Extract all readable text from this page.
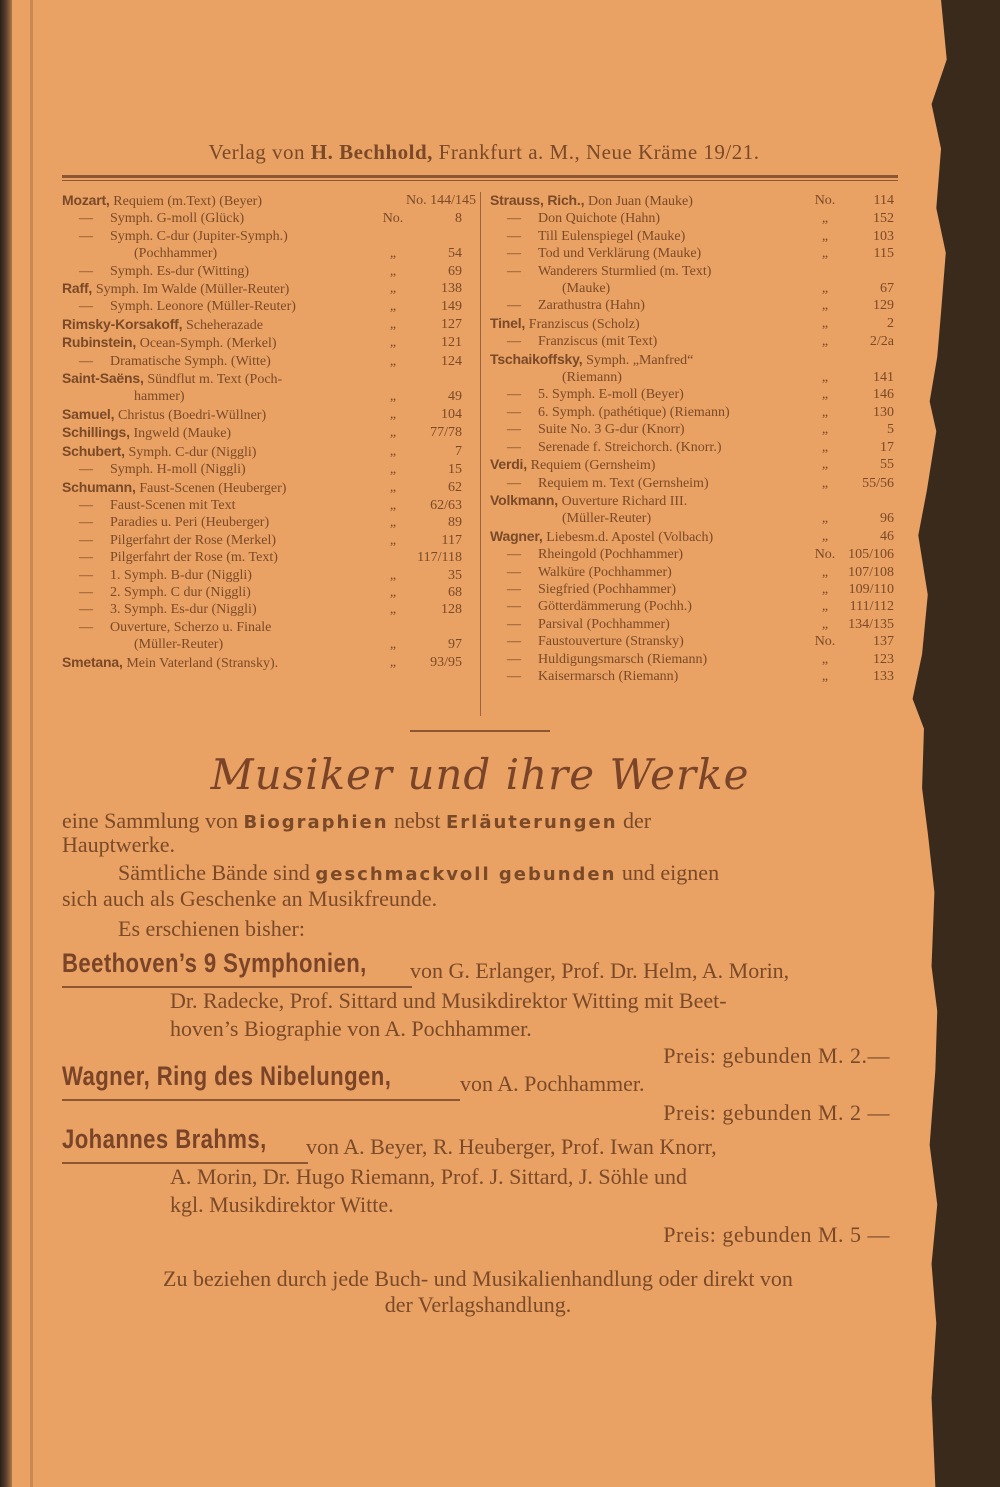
Verlag von H. Bechhold, Frankfurt a. M., Neue Kräme 19/21.
Mozart, Requiem (m.Text) (Beyer)	No. 144/145
— Symph. G-moll (Glück)	No.	8
— Symph. C-dur (Jupiter-Symph.)
(Pochhammer)	„	54
— Symph. Es-dur (Witting)	„	69
Raff, Symph. Im Walde (Müller-Reuter)	„	138
— Symph. Leonore (Müller-Reuter)	„	149
Rimsky-Korsakoff, Scheherazade	„	127
Rubinstein, Ocean-Symph. (Merkel)	„	121
— Dramatische Symph. (Witte)	„	124
Saint-Saëns, Sündflut m. Text (Poch-
hammer)	„	49
Samuel, Christus (Boedri-Wüllner)	„	104
Schillings, Ingweld (Mauke)	„	77/78
Schubert, Symph. C-dur (Niggli)	„	7
— Symph. H-moll (Niggli)	„	15
Schumann, Faust-Scenen (Heuberger)	„	62
— Faust-Scenen mit Text	„	62/63
— Paradies u. Peri (Heuberger)	„	89
— Pilgerfahrt der Rose (Merkel)	„	117
— Pilgerfahrt der Rose (m. Text)	117/118
— 1. Symph. B-dur (Niggli)	„	35
— 2. Symph. C dur (Niggli)	„	68
— 3. Symph. Es-dur (Niggli)	„	128
— Ouverture, Scherzo u. Finale
(Müller-Reuter)	„	97
Smetana, Mein Vaterland (Stransky).	„	93/95
Strauss, Rich., Don Juan (Mauke)	No.	114
— Don Quichote (Hahn)	„	152
— Till Eulenspiegel (Mauke)	„	103
— Tod und Verklärung (Mauke)	„	115
— Wanderers Sturmlied (m. Text)
(Mauke)	„	67
— Zarathustra (Hahn)	„	129
Tinel, Franziscus (Scholz)	„	2
— Franziscus (mit Text)	„	2/2a
Tschaikoffsky, Symph. „Manfred“
(Riemann)	„	141
— 5. Symph. E-moll (Beyer)	„	146
— 6. Symph. (pathétique) (Riemann)	„	130
— Suite No. 3 G-dur (Knorr)	„	5
— Serenade f. Streichorch. (Knorr.)	„	17
Verdi, Requiem (Gernsheim)	„	55
— Requiem m. Text (Gernsheim)	„	55/56
Volkmann, Ouverture Richard III.
(Müller-Reuter)	„	96
Wagner, Liebesm.d. Apostel (Volbach)	„	46
— Rheingold (Pochhammer)	No. 105/106
— Walküre (Pochhammer)	„	107/108
— Siegfried (Pochhammer)	„	109/110
— Götterdämmerung (Pochh.)	„	111/112
— Parsival (Pochhammer)	„	134/135
— Faustouverture (Stransky)	No.	137
— Huldigungsmarsch (Riemann)	„	123
— Kaisermarsch (Riemann)	„	133
Musiker und ihre Werke
eine Sammlung von Biographien nebst Erläuterungen der
Hauptwerke.
Sämtliche Bände sind geschmackvoll gebunden und eignen
sich auch als Geschenke an Musikfreunde.
Es erschienen bisher:
Beethoven’s 9 Symphonien,	von G. Erlanger, Prof. Dr. Helm, A. Morin,
Dr. Radecke, Prof. Sittard und Musikdirektor Witting mit Beet-
hoven’s Biographie von A. Pochhammer.
Preis: gebunden M. 2.—
Wagner, Ring des Nibelungen,	von A. Pochhammer.
Preis: gebunden M. 2 —
Johannes Brahms,	von A. Beyer, R. Heuberger, Prof. Iwan Knorr,
A. Morin, Dr. Hugo Riemann, Prof. J. Sittard, J. Söhle und
kgl. Musikdirektor Witte.
Preis: gebunden M. 5 —
Zu beziehen durch jede Buch- und Musikalienhandlung oder direkt von
der Verlagshandlung.
